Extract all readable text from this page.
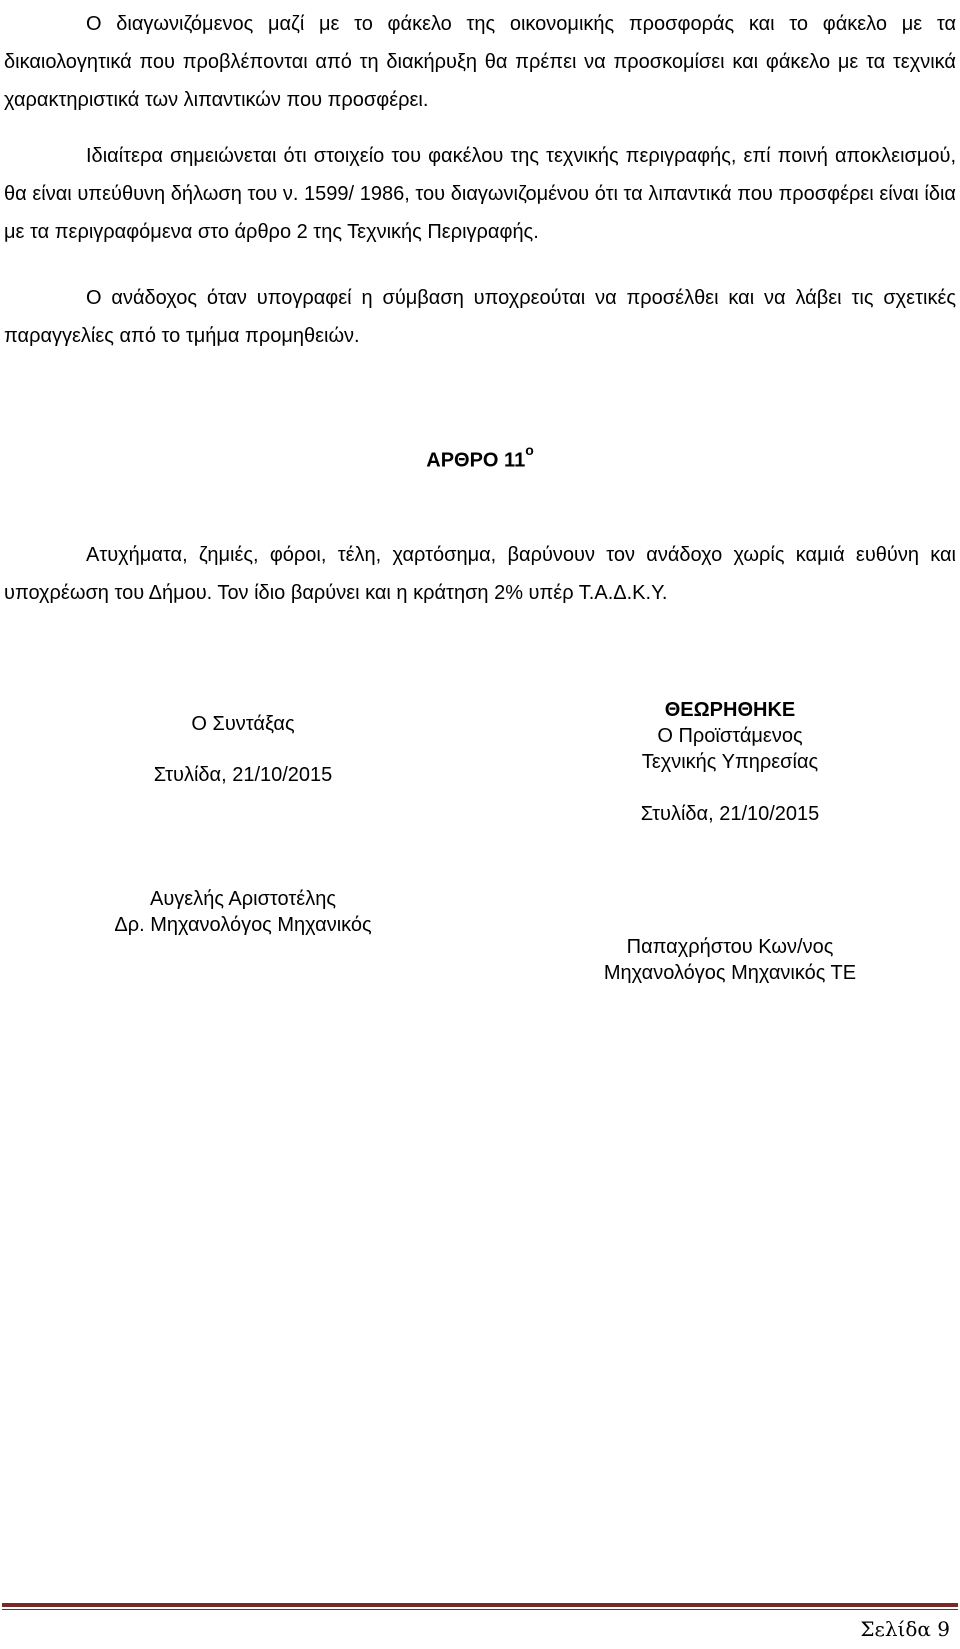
Ο διαγωνιζόμενος μαζί με το φάκελο της οικονομικής προσφοράς και το φάκελο με τα δικαιολογητικά που προβλέπονται από τη διακήρυξη θα πρέπει να προσκομίσει και φάκελο με τα τεχνικά χαρακτηριστικά των λιπαντικών που προσφέρει.

Ιδιαίτερα σημειώνεται ότι στοιχείο του φακέλου της τεχνικής περιγραφής, επί ποινή αποκλεισμού, θα είναι υπεύθυνη δήλωση του ν. 1599/ 1986, του διαγωνιζομένου ότι τα λιπαντικά που προσφέρει είναι ίδια με τα περιγραφόμενα στο άρθρο 2 της Τεχνικής Περιγραφής.

Ο ανάδοχος όταν υπογραφεί η σύμβαση υποχρεούται να προσέλθει και να λάβει τις σχετικές παραγγελίες από το τμήμα προμηθειών.

ΑΡΘΡΟ $11^o$

Ατυχήματα, ζημιές, φόροι, τέλη, χαρτόσημα, βαρύνουν τον ανάδοχο χωρίς καμιά ευθύνη και υποχρέωση του Δήμου. Τον ίδιο βαρύνει και η κράτηση 2% υπέρ Τ.Α.Δ.Κ.Υ.

Ο Συντάξας
Στυλίδα, 21/10/2015
Αυγελής Αριστοτέλης
Δρ. Μηχανολόγος Μηχανικός
ΘΕΩΡΗΘΗΚΕ
Ο Προϊστάμενος
Τεχνικής Υπηρεσίας
Στυλίδα, 21/10/2015
Παπαχρήστου Κων/νος
Μηχανολόγος Μηχανικός ΤΕ
Σελίδα 9
